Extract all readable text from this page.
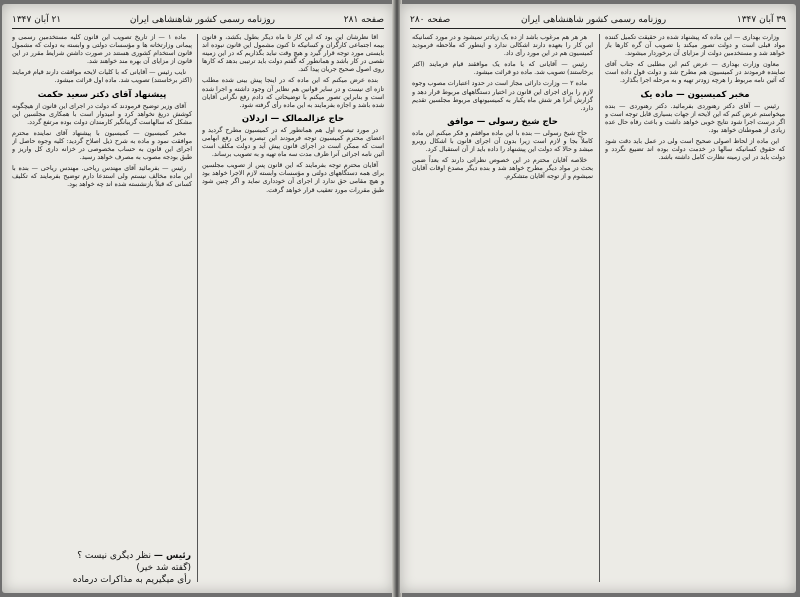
صفحه ۲۸۱
روزنامه رسمی کشور شاهنشاهی ایران
۲۱ آبان ۱۳۴۷

آقا نظرشان این بود که این کار تا ماه دیگر بطول بکشد، و قانون بیمه اجتماعی کارگران و کسانیکه تا کنون مشمول این قانون نبوده اند بایستی مورد توجه قرار گیرد و هیچ وقت نباید بگذاریم که در این زمینه نقصی در کار باشد و همانطور که گفتم دولت باید ترتیبی بدهد که کارها روی اصول صحیح جریان پیدا کند.

بنده عرض میکنم که این ماده که در اینجا پیش بینی شده مطلب تازه ای نیست و در سایر قوانین هم نظایر آن وجود داشته و اجرا شده است و بنابراین تصور میکنم با توضیحاتی که دادم رفع نگرانی آقایان شده باشد و اجازه بفرمایند به این ماده رأی گرفته شود.

حاج عزالممالک — اردلان

در مورد تبصره اول هم همانطور که در کمیسیون مطرح گردید و اعضای محترم کمیسیون توجه فرمودند این تبصره برای رفع ابهامی است که ممکن است در اجرای قانون پیش آید و دولت مکلف است آئین نامه اجرائی آنرا ظرف مدت سه ماه تهیه و به تصویب برساند.

آقایان محترم توجه بفرمایند که این قانون پس از تصویب مجلسین برای همه دستگاههای دولتی و مؤسسات وابسته لازم الاجرا خواهد بود و هیچ مقامی حق ندارد از اجرای آن خودداری نماید و اگر چنین شود طبق مقررات مورد تعقیب قرار خواهد گرفت.

ماده ۱ — از تاریخ تصویب این قانون کلیه مستخدمین رسمی و پیمانی وزارتخانه ها و مؤسسات دولتی و وابسته به دولت که مشمول قانون استخدام کشوری هستند در صورت داشتن شرایط مقرر در این قانون از مزایای آن بهره مند خواهند شد.

نایب رئیس — آقایانی که با کلیات لایحه موافقت دارند قیام فرمایند (اکثر برخاستند) تصویب شد. ماده اول قرائت میشود.

پیشنهاد آقای دکتر سعید حکمت

آقای وزیر توضیح فرمودند که دولت در اجرای این قانون از هیچگونه کوشش دریغ نخواهد کرد و امیدوار است با همکاری مجلسین این مشکل که سالهاست گریبانگیر کارمندان دولت بوده مرتفع گردد.

مخبر کمیسیون — کمیسیون با پیشنهاد آقای نماینده محترم موافقت نمود و ماده به شرح ذیل اصلاح گردید: کلیه وجوه حاصل از اجرای این قانون به حساب مخصوصی در خزانه داری کل واریز و طبق بودجه مصوب به مصرف خواهد رسید.

رئیس — بفرمائید آقای مهندس ریاحی. مهندس ریاحی — بنده با این ماده مخالف نیستم ولی استدعا دارم توضیح بفرمایند که تکلیف کسانی که قبلاً بازنشسته شده اند چه خواهد بود.

رئیس — نظر دیگری نیست ؟

(گفته شد خیر)

رأی میگیریم به مذاکرات درماده

۳۹ آبان ۱۳۴۷
روزنامه رسمی کشور شاهنشاهی ایران
صفحه ۲۸۰

وزارت بهداری — این ماده که پیشنهاد شده در حقیقت تکمیل کننده مواد قبلی است و دولت تصور میکند با تصویب آن گره کارها باز خواهد شد و مستخدمین دولت از مزایای آن برخوردار میشوند.

معاون وزارت بهداری — عرض کنم این مطلبی که جناب آقای نماینده فرمودند در کمیسیون هم مطرح شد و دولت قول داده است که آئین نامه مربوط را هرچه زودتر تهیه و به مرحله اجرا بگذارد.

مخبر کمیسیون — ماده یک

رئیس — آقای دکتر رهنوردی بفرمائید. دکتر رهنوردی — بنده میخواستم عرض کنم که این لایحه از جهات بسیاری قابل توجه است و اگر درست اجرا شود نتایج خوبی خواهد داشت و باعث رفاه حال عده زیادی از هموطنان خواهد بود.

این ماده از لحاظ اصولی صحیح است ولی در عمل باید دقت شود که حقوق کسانیکه سالها در خدمت دولت بوده اند تضییع نگردد و دولت باید در این زمینه نظارت کامل داشته باشد.

هر هر هم مرغوب باشد از ده یک زیادتر نمیشود و در مورد کسانیکه این کار را بعهده دارند اشکالی ندارد و اینطور که ملاحظه فرمودید کمیسیون هم در این مورد رأی داد.

رئیس — آقایانی که با ماده یک موافقند قیام فرمایند (اکثر برخاستند) تصویب شد. ماده دو قرائت میشود.

ماده ۲ — وزارت دارائی مجاز است در حدود اعتبارات مصوب وجوه لازم را برای اجرای این قانون در اختیار دستگاههای مربوط قرار دهد و گزارش آنرا هر شش ماه یکبار به کمیسیونهای مربوط مجلسین تقدیم دارد.

حاج شیخ رسولی — موافق

حاج شیخ رسولی — بنده با این ماده موافقم و فکر میکنم این ماده کاملاً بجا و لازم است زیرا بدون آن اجرای قانون با اشکال روبرو میشد و حالا که دولت این پیشنهاد را داده باید از آن استقبال کرد.

خلاصه آقایان محترم در این خصوص نظراتی دارند که بعداً ضمن بحث در مواد دیگر مطرح خواهد شد و بنده دیگر مصدع اوقات آقایان نمیشوم و از توجه آقایان متشکرم.
